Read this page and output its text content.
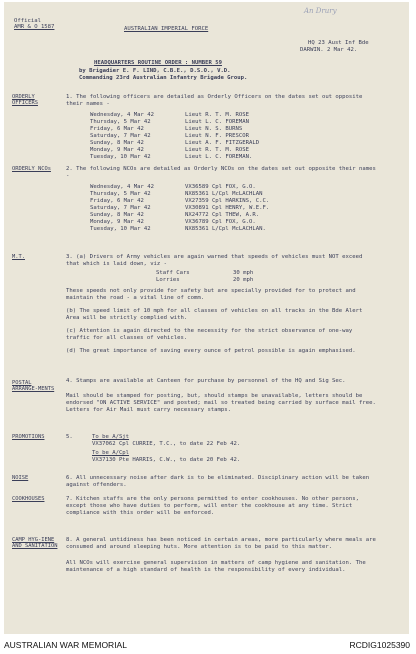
Official
AMR & O 1587	AUSTRALIAN IMPERIAL FORCE
An Drury
HQ 23 Aust Inf Bde
DARWIN. 2 Mar 42.
HEADQUARTERS ROUTINE ORDER : NUMBER 59
by Brigadier E. F. LIND, C.B.E., D.S.O., V.D.
Commanding 23rd Australian Infantry Brigade Group.
ORDERLY OFFICERS
1. The following officers are detailed as Orderly Officers on the dates set out opposite their names -
Wednesday, 4 Mar 42	Lieut R. T. M. ROSE
Thursday, 5 Mar 42	Lieut L. C. FOREMAN
Friday, 6 Mar 42	Lieut N. S. BURNS
Saturday, 7 Mar 42	Lieut N. F. PRESCOR
Sunday, 8 Mar 42	Lieut A. F. FITZGERALD
Monday, 9 Mar 42	Lieut R. T. M. ROSE
Tuesday, 10 Mar 42	Lieut L. C. FOREMAN.
ORDERLY NCOs	2. The following NCOs are detailed as Orderly NCOs on the dates set out opposite their names -
Wednesday, 4 Mar 42	VX36589 Cpl FOX, G.O.
Thursday, 5 Mar 42	NX85361 L/Cpl McLACHLAN
Friday, 6 Mar 42	VX27359 Cpl HARKINS, C.C.
Saturday, 7 Mar 42	VX30891 Cpl HENRY, W.E.F.
Sunday, 8 Mar 42	NX24772 Cpl THEW, A.R.
Monday, 9 Mar 42	VX36789 Cpl FOX, G.O.
Tuesday, 10 Mar 42	NX85361 L/Cpl McLACHLAN.
M.T.	3. (a) Drivers of Army vehicles are again warned that speeds of vehicles must NOT exceed that which is laid down, viz -
Staff Cars	30 mph
Lorries	20 mph
These speeds not only provide for safety but are specially provided for to protect and maintain the road - a vital line of comm.
(b) The speed limit of 10 mph for all classes of vehicles on all tracks in the Bde Alert Area will be strictly complied with.
(c) Attention is again directed to the necessity for the strict observance of one-way traffic for all classes of vehicles.
(d) The great importance of saving every ounce of petrol possible is again emphasised.
POSTAL ARRANGE-MENTS
4. Stamps are available at Canteen for purchase by personnel of the HQ and Sig Sec.
Mail should be stamped for posting, but, should stamps be unavailable, letters should be endorsed "ON ACTIVE SERVICE" and posted; mail so treated being carried by surface mail free. Letters for Air Mail must carry necessary stamps.
PROMOTIONS	5.	To be A/Sjt
VX37062 Cpl CURRIE, T.C., to date 22 Feb 42.
To be A/Cpl
VX37130 Pte HARRIS, C.W., to date 20 Feb 42.
NOISE	6. All unnecessary noise after dark is to be eliminated. Disciplinary action will be taken against offenders.
COOKHOUSES	7. Kitchen staffs are the only persons permitted to enter cookhouses. No other persons, except those who have duties to perform, will enter the cookhouse at any time. Strict compliance with this order will be enforced.
CAMP HYG-IENE AND SANITATION
8. A general untidiness has been noticed in certain areas, more particularly where meals are consumed and around sleeping huts. More attention is to be paid to this matter.
All NCOs will exercise general supervision in matters of camp hygiene and sanitation. The maintenance of a high standard of health is the responsibility of every individual.
AUSTRALIAN WAR MEMORIAL	RCDIG1025390
